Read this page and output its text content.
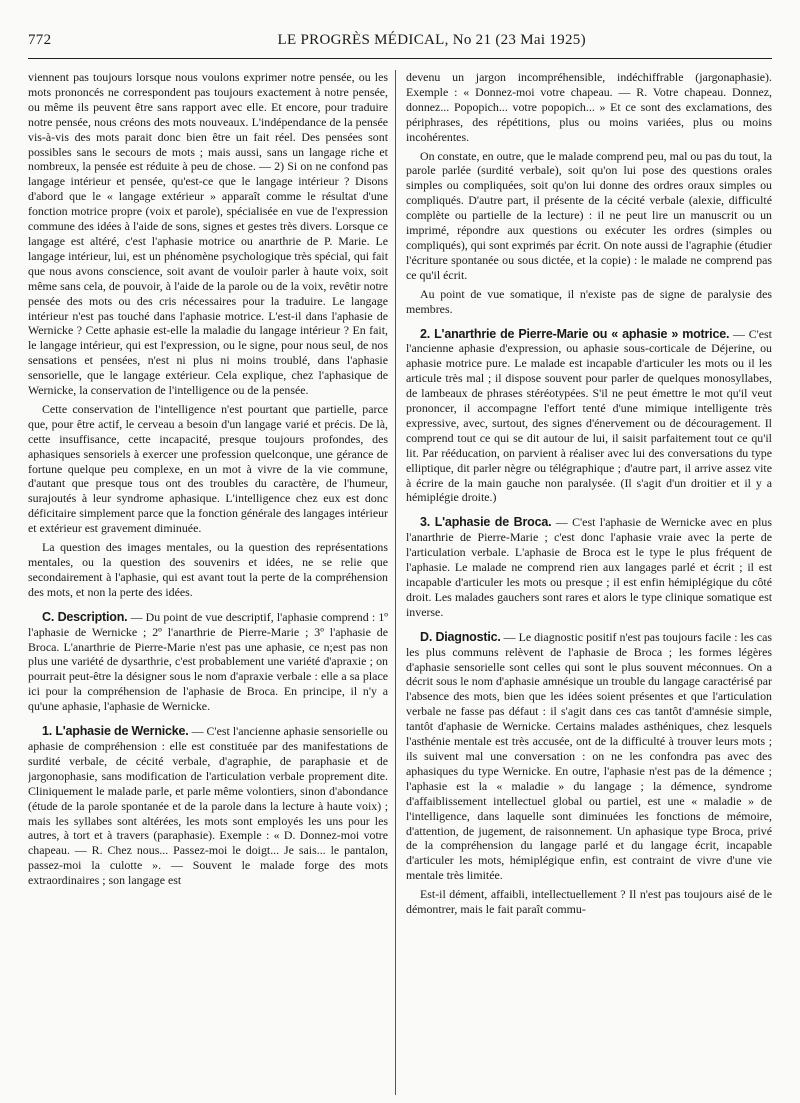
772	LE PROGRÈS MÉDICAL, No 21 (23 Mai 1925)

viennent pas toujours lorsque nous voulons exprimer notre pensée, ou les mots prononcés ne correspondent pas toujours exactement à notre pensée, ou même ils peuvent être sans rapport avec elle. Et encore, pour traduire notre pensée, nous créons des mots nouveaux. L'indépendance de la pensée vis-à-vis des mots parait donc bien être un fait réel. Des pensées sont possibles sans le secours de mots ; mais aussi, sans un langage riche et nombreux, la pensée est réduite à peu de chose. — 2) Si on ne confond pas langage intérieur et pensée, qu'est-ce que le langage intérieur ? Disons d'abord que le « langage extérieur » apparaît comme le résultat d'une fonction motrice propre (voix et parole), spécialisée en vue de l'expression commune des idées à l'aide de sons, signes et gestes très divers. Lorsque ce langage est altéré, c'est l'aphasie motrice ou anarthrie de P. Marie. Le langage intérieur, lui, est un phénomène psychologique très spécial, qui fait que nous avons conscience, soit avant de vouloir parler à haute voix, soit même sans cela, de pouvoir, à l'aide de la parole ou de la voix, revêtir notre pensée des mots ou des cris nécessaires pour la traduire. Le langage intérieur n'est pas touché dans l'aphasie motrice. L'est-il dans l'aphasie de Wernicke ? Cette aphasie est-elle la maladie du langage intérieur ? En fait, le langage intérieur, qui est l'expression, ou le signe, pour nous seul, de nos sensations et pensées, n'est ni plus ni moins troublé, dans l'aphasie sensorielle, que le langage extérieur. Cela explique, chez l'aphasique de Wernicke, la conservation de l'intelligence ou de la pensée.

Cette conservation de l'intelligence n'est pourtant que partielle, parce que, pour être actif, le cerveau a besoin d'un langage varié et précis. De là, cette insuffisance, cette incapacité, presque toujours profondes, des aphasiques sensoriels à exercer une profession quelconque, une gérance de fortune quelque peu complexe, en un mot à vivre de la vie commune, d'autant que presque tous ont des troubles du caractère, de l'humeur, surajoutés à leur syndrome aphasique. L'intelligence chez eux est donc déficitaire simplement parce que la fonction générale des langages intérieur et extérieur est gravement diminuée.

La question des images mentales, ou la question des représentations mentales, ou la question des souvenirs et idées, ne se relie que secondairement à l'aphasie, qui est avant tout la perte de la compréhension des mots, et non la perte des idées.

C. Description. — Du point de vue descriptif, l'aphasie comprend : 1º l'aphasie de Wernicke ; 2º l'anarthrie de Pierre-Marie ; 3º l'aphasie de Broca. L'anarthrie de Pierre-Marie n'est pas une aphasie, ce n;est pas non plus une variété de dysarthrie, c'est probablement une variété d'apraxie ; on pourrait peut-être la désigner sous le nom d'apraxie verbale : elle a sa place ici pour la compréhension de l'aphasie de Broca. En principe, il n'y a qu'une aphasie, l'aphasie de Wernicke.

1. L'aphasie de Wernicke. — C'est l'ancienne aphasie sensorielle ou aphasie de compréhension : elle est constituée par des manifestations de surdité verbale, de cécité verbale, d'agraphie, de paraphasie et de jargonophasie, sans modification de l'articulation verbale proprement dite. Cliniquement le malade parle, et parle même volontiers, sinon d'abondance (étude de la parole spontanée et de la parole dans la lecture à haute voix) ; mais les syllabes sont altérées, les mots sont employés les uns pour les autres, à tort et à travers (paraphasie). Exemple : « D. Donnez-moi votre chapeau. — R. Chez nous... Passez-moi le doigt... Je sais... le pantalon, passez-moi la culotte ». — Souvent le malade forge des mots extraordinaires ; son langage est

devenu un jargon incompréhensible, indéchiffrable (jargonaphasie). Exemple : « Donnez-moi votre chapeau. — R. Votre chapeau. Donnez, donnez... Popopich... votre popopich... » Et ce sont des exclamations, des périphrases, des répétitions, plus ou moins variées, plus ou moins incohérentes.

On constate, en outre, que le malade comprend peu, mal ou pas du tout, la parole parlée (surdité verbale), soit qu'on lui pose des questions orales simples ou compliquées, soit qu'on lui donne des ordres oraux simples ou compliqués. D'autre part, il présente de la cécité verbale (alexie, difficulté complète ou partielle de la lecture) : il ne peut lire un manuscrit ou un imprimé, répondre aux questions ou exécuter les ordres (simples ou compliqués), qui sont exprimés par écrit. On note aussi de l'agraphie (étudier l'écriture spontanée ou sous dictée, et la copie) : le malade ne comprend pas ce qu'il écrit.

Au point de vue somatique, il n'existe pas de signe de paralysie des membres.

2. L'anarthrie de Pierre-Marie ou « aphasie » motrice. — C'est l'ancienne aphasie d'expression, ou aphasie sous-corticale de Déjerine, ou aphasie motrice pure. Le malade est incapable d'articuler les mots ou il les articule très mal ; il dispose souvent pour parler de quelques monosyllabes, de lambeaux de phrases stéréotypées. S'il ne peut émettre le mot qu'il veut prononcer, il accompagne l'effort tenté d'une mimique intelligente très expressive, avec, surtout, des signes d'énervement ou de découragement. Il comprend tout ce qui se dit autour de lui, il saisit parfaitement tout ce qu'il lit. Par rééducation, on parvient à réaliser avec lui des conversations du type elliptique, dit parler nègre ou télégraphique ; d'autre part, il arrive assez vite à écrire de la main gauche non paralysée. (Il s'agit d'un droitier et il y a hémiplégie droite.)

3. L'aphasie de Broca. — C'est l'aphasie de Wernicke avec en plus l'anarthrie de Pierre-Marie ; c'est donc l'aphasie vraie avec la perte de l'articulation verbale. L'aphasie de Broca est le type le plus fréquent de l'aphasie. Le malade ne comprend rien aux langages parlé et écrit ; il est incapable d'articuler les mots ou presque ; il est enfin hémiplégique du côté droit. Les malades gauchers sont rares et alors le type clinique somatique est inverse.

D. Diagnostic. — Le diagnostic positif n'est pas toujours facile : les cas les plus communs relèvent de l'aphasie de Broca ; les formes légères d'aphasie sensorielle sont celles qui sont le plus souvent méconnues. On a décrit sous le nom d'aphasie amnésique un trouble du langage caractérisé par l'absence des mots, bien que les idées soient présentes et que l'articulation verbale ne fasse pas défaut : il s'agit dans ces cas tantôt d'amnésie simple, tantôt d'aphasie de Wernicke. Certains malades asthéniques, chez lesquels l'asthénie mentale est très accusée, ont de la difficulté à trouver leurs mots ; ils suivent mal une conversation : on ne les confondra pas avec des aphasiques du type Wernicke. En outre, l'aphasie n'est pas de la démence ; l'aphasie est la « maladie » du langage ; la démence, syndrome d'affaiblissement intellectuel global ou partiel, est une « maladie » de l'intelligence, dans laquelle sont diminuées les fonctions de mémoire, d'attention, de jugement, de raisonnement. Un aphasique type Broca, privé de la compréhension du langage parlé et du langage écrit, incapable d'articuler les mots, hémiplégique enfin, est contraint de vivre d'une vie mentale très limitée.

Est-il dément, affaibli, intellectuellement ? Il n'est pas toujours aisé de le démontrer, mais le fait paraît commu-
